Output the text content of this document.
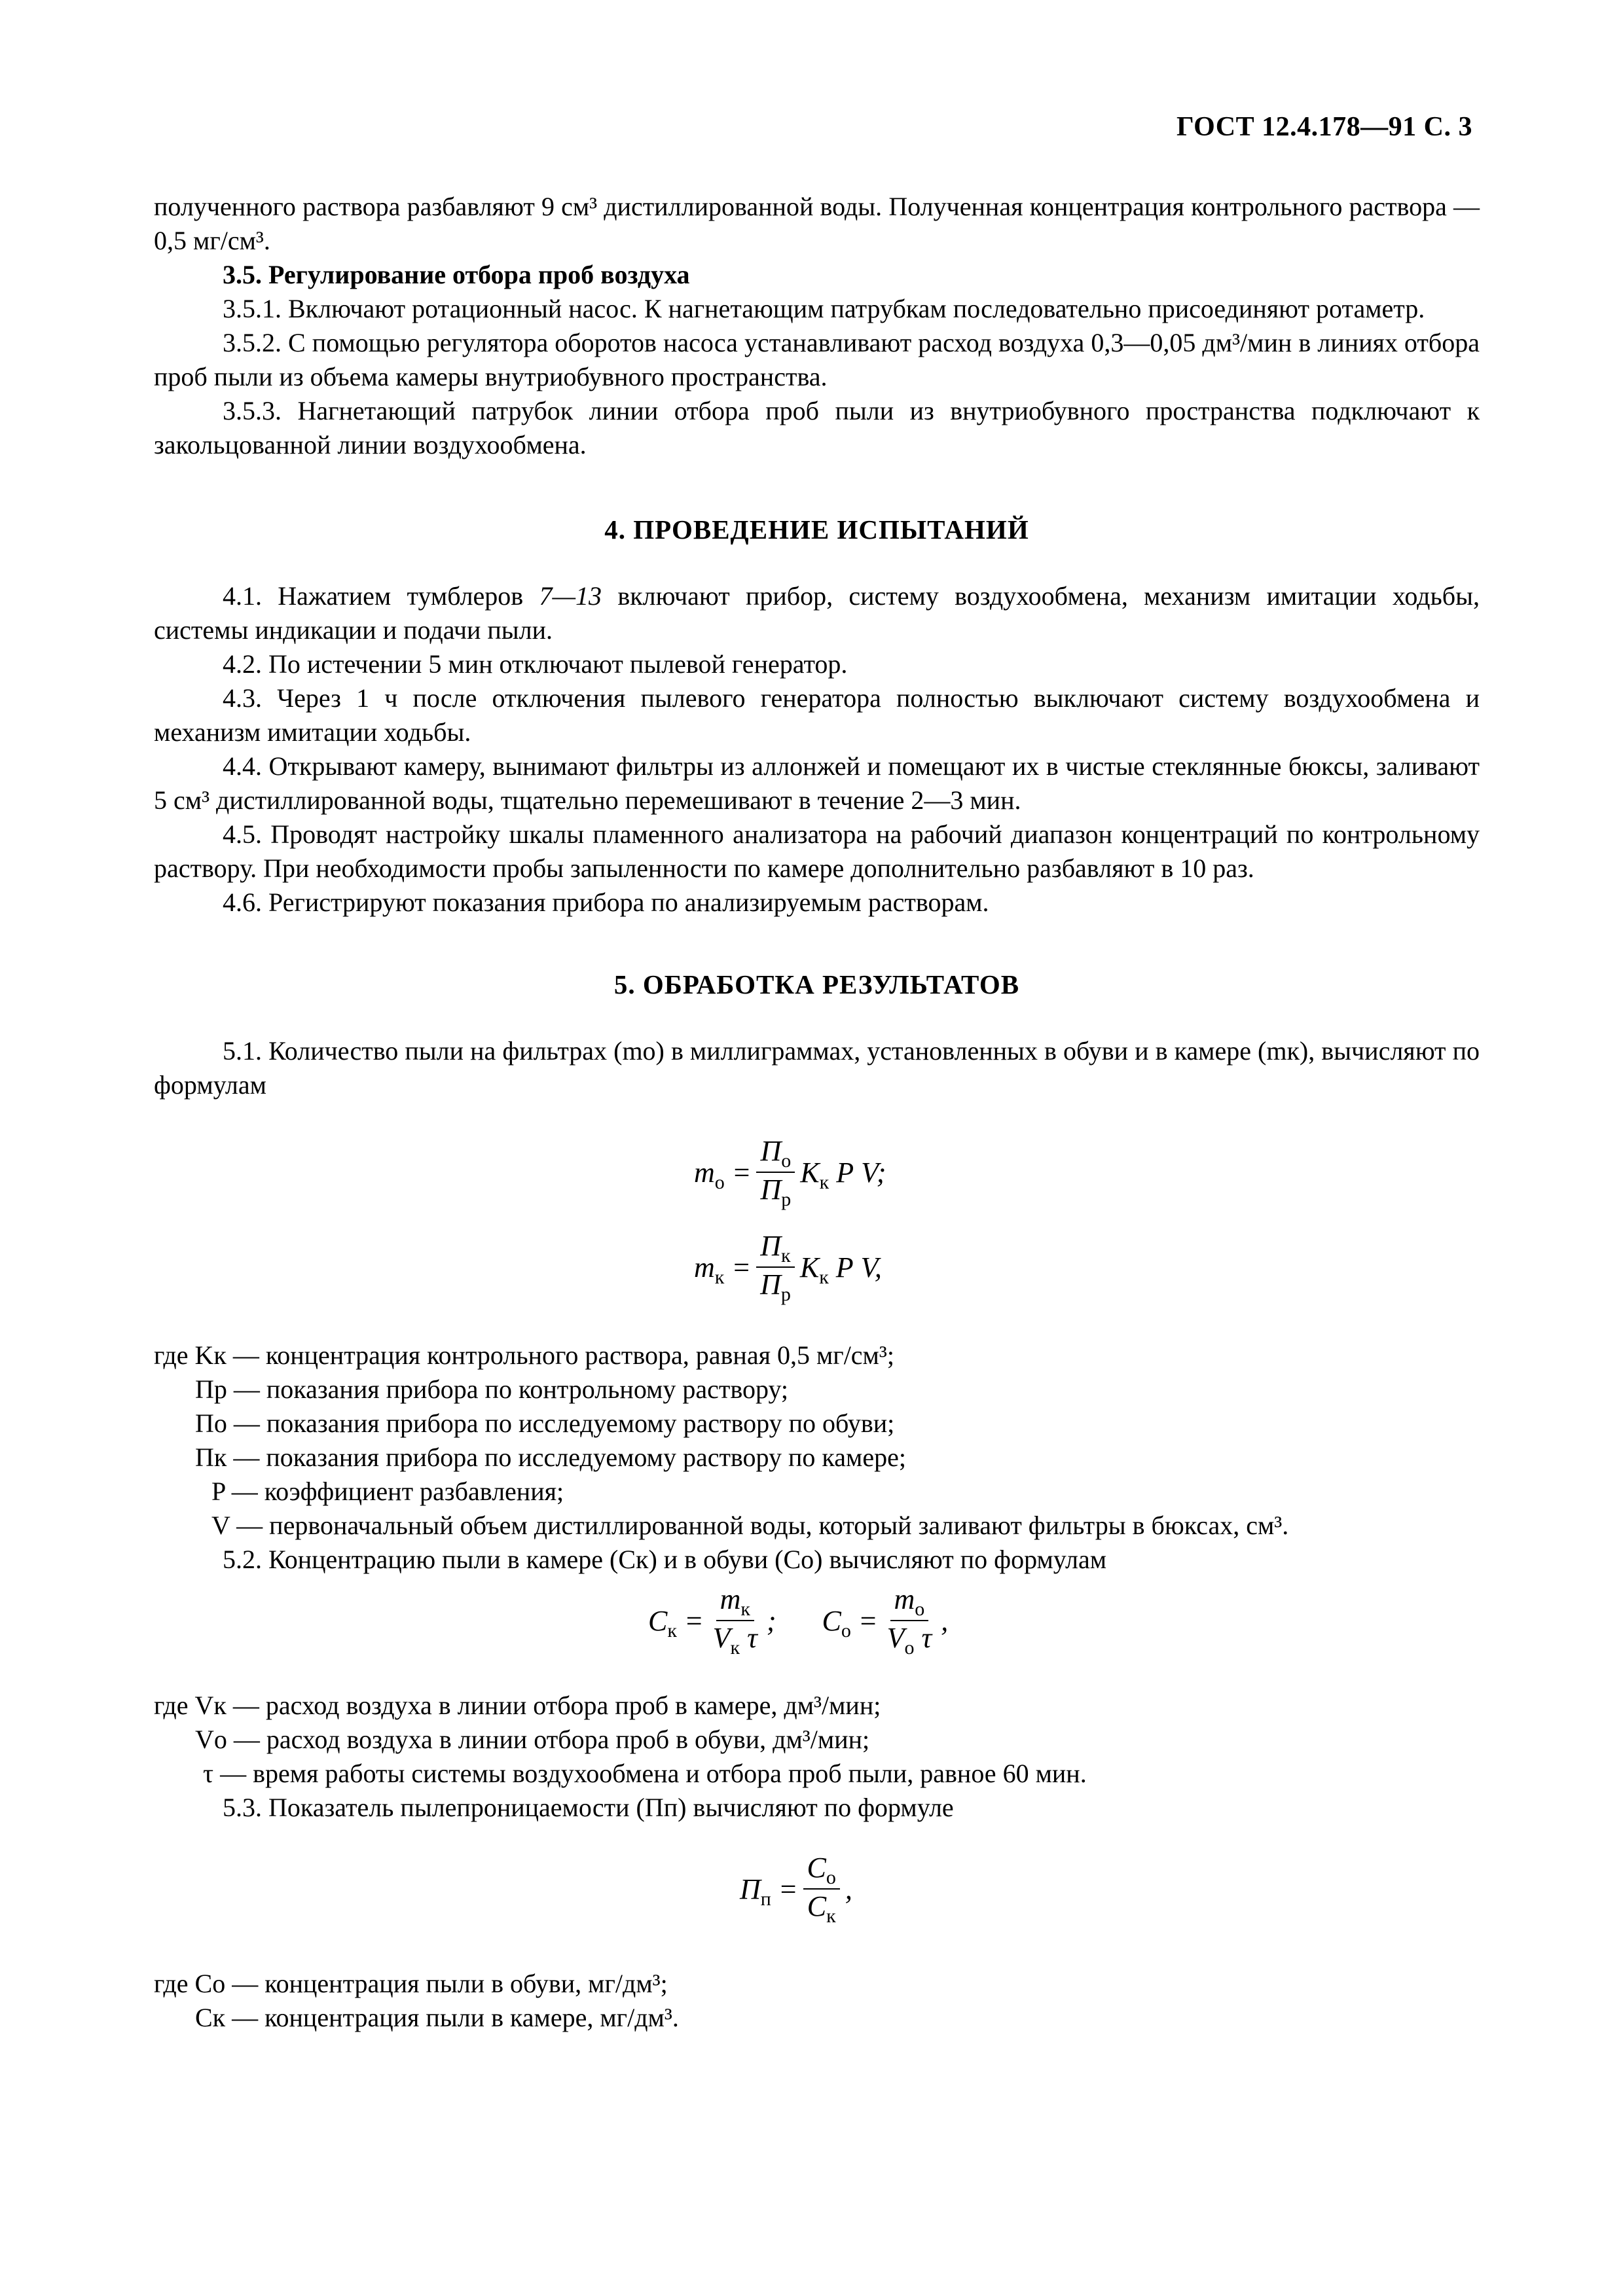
ГОСТ 12.4.178—91 С. 3

полученного раствора разбавляют 9 см³ дистиллированной воды. Полученная концентрация контрольного раствора — 0,5 мг/см³.

3.5. Регулирование отбора проб воздуха

3.5.1. Включают ротационный насос. К нагнетающим патрубкам последовательно присоединяют ротаметр.

3.5.2. С помощью регулятора оборотов насоса устанавливают расход воздуха 0,3—0,05 дм³/мин в линиях отбора проб пыли из объема камеры внутриобувного пространства.

3.5.3. Нагнетающий патрубок линии отбора проб пыли из внутриобувного пространства подключают к закольцованной линии воздухообмена.

4. ПРОВЕДЕНИЕ ИСПЫТАНИЙ

4.1. Нажатием тумблеров 7—13 включают прибор, систему воздухообмена, механизм имитации ходьбы, системы индикации и подачи пыли.

4.2. По истечении 5 мин отключают пылевой генератор.

4.3. Через 1 ч после отключения пылевого генератора полностью выключают систему воздухообмена и механизм имитации ходьбы.

4.4. Открывают камеру, вынимают фильтры из аллонжей и помещают их в чистые стеклянные бюксы, заливают 5 см³ дистиллированной воды, тщательно перемешивают в течение 2—3 мин.

4.5. Проводят настройку шкалы пламенного анализатора на рабочий диапазон концентраций по контрольному раствору. При необходимости пробы запыленности по камере дополнительно разбавляют в 10 раз.

4.6. Регистрируют показания прибора по анализируемым растворам.

5. ОБРАБОТКА РЕЗУЛЬТАТОВ

5.1. Количество пыли на фильтрах (mо) в миллиграммах, установленных в обуви и в камере (mк), вычисляют по формулам

$m_о = \frac{П_о}{П_р} K_к$ P V;
$m_к = \frac{П_к}{П_р} K_к$ P V,
где Kк — концентрация контрольного раствора, равная 0,5 мг/см³;
Пр — показания прибора по контрольному раствору;
По — показания прибора по исследуемому раствору по обуви;
Пк — показания прибора по исследуемому раствору по камере;
P — коэффициент разбавления;
V — первоначальный объем дистиллированной воды, который заливают фильтры в бюксах, см³.
5.2. Концентрацию пыли в камере (Cк) и в обуви (Cо) вычисляют по формулам
$C_к = \frac{m_к}{V_к \tau}$ ; $C_о = \frac{m_о}{V_о \tau}$ ,
где Vк — расход воздуха в линии отбора проб в камере, дм³/мин;
Vо — расход воздуха в линии отбора проб в обуви, дм³/мин;
τ — время работы системы воздухообмена и отбора проб пыли, равное 60 мин.
5.3. Показатель пылепроницаемости (Пп) вычисляют по формуле
$П_п = \frac{C_о}{C_к}$ ,
где Cо — концентрация пыли в обуви, мг/дм³;
Cк — концентрация пыли в камере, мг/дм³.
